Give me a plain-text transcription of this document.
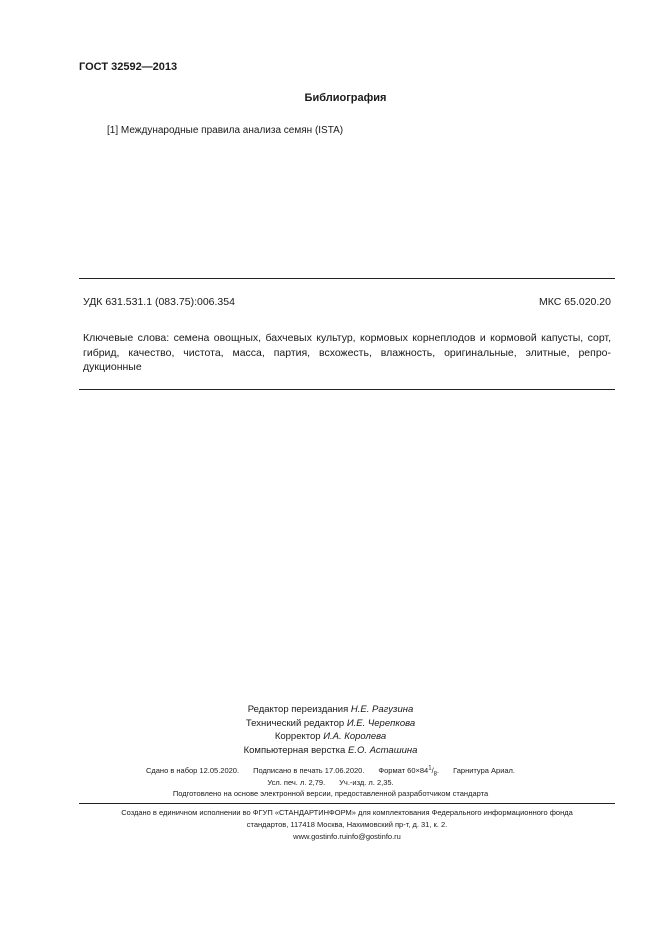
ГОСТ 32592—2013
Библиография
[1] Международные правила анализа семян (ISTA)
УДК 631.531.1 (083.75):006.354	МКС 65.020.20
Ключевые слова: семена овощных, бахчевых культур, кормовых корнеплодов и кормовой капусты, сорт, гибрид, качество, чистота, масса, партия, всхожесть, влажность, оригинальные, элитные, репродукционные
Редактор переиздания Н.Е. Рагузина
Технический редактор И.Е. Черепкова
Корректор И.А. Королева
Компьютерная верстка Е.О. Асташина
Сдано в набор 12.05.2020. Подписано в печать 17.06.2020. Формат $60\times 84^1/_8$. Гарнитура Ариал.
Усл. печ. л. 2,79. Уч.-изд. л. 2,35.
Подготовлено на основе электронной версии, предоставленной разработчиком стандарта
Создано в единичном исполнении во ФГУП «СТАНДАРТИНФОРМ» для комплектования Федерального информационного фонда
стандартов, 117418 Москва, Нахимовский пр-т, д. 31, к. 2.
www.gostinfo.ruinfo@gostinfo.ru
